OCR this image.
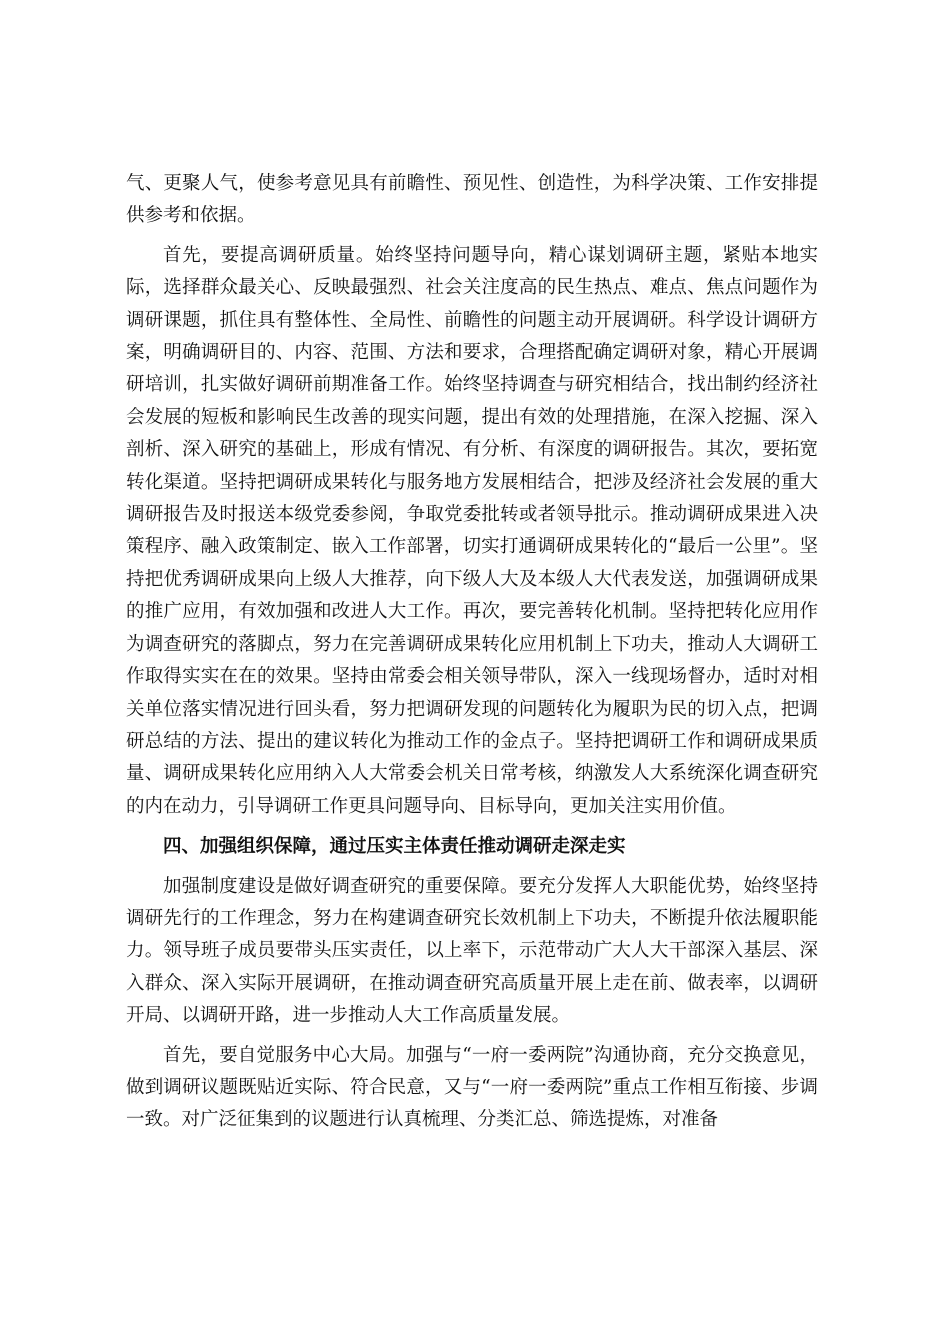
气、更聚人气，使参考意见具有前瞻性、预见性、创造性，为科学决策、工作安排提供参考和依据。

首先，要提高调研质量。始终坚持问题导向，精心谋划调研主题，紧贴本地实际，选择群众最关心、反映最强烈、社会关注度高的民生热点、难点、焦点问题作为调研课题，抓住具有整体性、全局性、前瞻性的问题主动开展调研。科学设计调研方案，明确调研目的、内容、范围、方法和要求，合理搭配确定调研对象，精心开展调研培训，扎实做好调研前期准备工作。始终坚持调查与研究相结合，找出制约经济社会发展的短板和影响民生改善的现实问题，提出有效的处理措施，在深入挖掘、深入剖析、深入研究的基础上，形成有情况、有分析、有深度的调研报告。其次，要拓宽转化渠道。坚持把调研成果转化与服务地方发展相结合，把涉及经济社会发展的重大调研报告及时报送本级党委参阅，争取党委批转或者领导批示。推动调研成果进入决策程序、融入政策制定、嵌入工作部署，切实打通调研成果转化的“最后一公里”。坚持把优秀调研成果向上级人大推荐，向下级人大及本级人大代表发送，加强调研成果的推广应用，有效加强和改进人大工作。再次，要完善转化机制。坚持把转化应用作为调查研究的落脚点，努力在完善调研成果转化应用机制上下功夫，推动人大调研工作取得实实在在的效果。坚持由常委会相关领导带队，深入一线现场督办，适时对相关单位落实情况进行回头看，努力把调研发现的问题转化为履职为民的切入点，把调研总结的方法、提出的建议转化为推动工作的金点子。坚持把调研工作和调研成果质量、调研成果转化应用纳入人大常委会机关日常考核，纳激发人大系统深化调查研究的内在动力，引导调研工作更具问题导向、目标导向，更加关注实用价值。

四、加强组织保障，通过压实主体责任推动调研走深走实

加强制度建设是做好调查研究的重要保障。要充分发挥人大职能优势，始终坚持调研先行的工作理念，努力在构建调查研究长效机制上下功夫，不断提升依法履职能力。领导班子成员要带头压实责任，以上率下，示范带动广大人大干部深入基层、深入群众、深入实际开展调研，在推动调查研究高质量开展上走在前、做表率，以调研开局、以调研开路，进一步推动人大工作高质量发展。

首先，要自觉服务中心大局。加强与“一府一委两院”沟通协商，充分交换意见，做到调研议题既贴近实际、符合民意，又与“一府一委两院”重点工作相互衔接、步调一致。对广泛征集到的议题进行认真梳理、分类汇总、筛选提炼，对准备
